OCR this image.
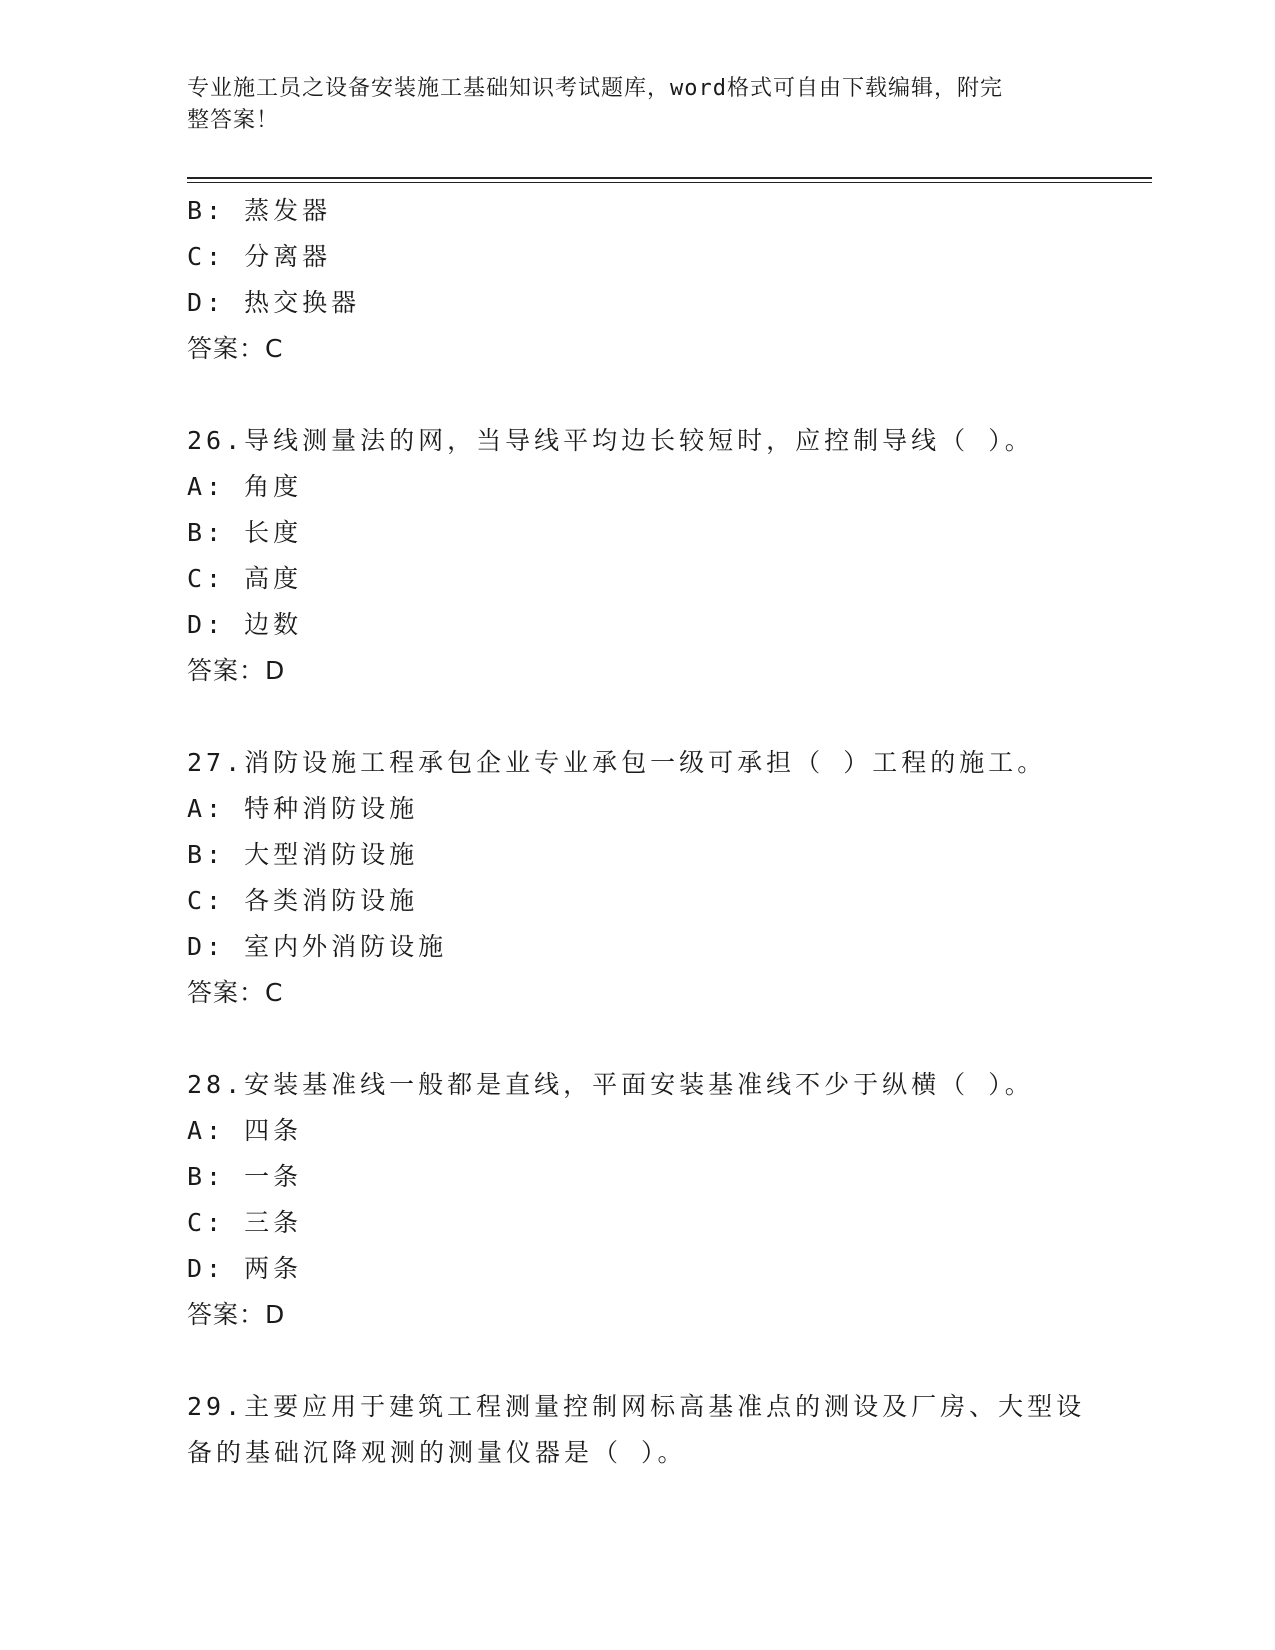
专业施工员之设备安装施工基础知识考试题库，word格式可自由下载编辑，附完
整答案！
B: 蒸发器
C: 分离器
D: 热交换器
答案：C
26.导线测量法的网，当导线平均边长较短时，应控制导线（ ）。
A: 角度
B: 长度
C: 高度
D: 边数
答案：D
27.消防设施工程承包企业专业承包一级可承担（ ）工程的施工。
A: 特种消防设施
B: 大型消防设施
C: 各类消防设施
D: 室内外消防设施
答案：C
28.安装基准线一般都是直线，平面安装基准线不少于纵横（ ）。
A: 四条
B: 一条
C: 三条
D: 两条
答案：D
29.主要应用于建筑工程测量控制网标高基准点的测设及厂房、大型设
备的基础沉降观测的测量仪器是（ ）。
